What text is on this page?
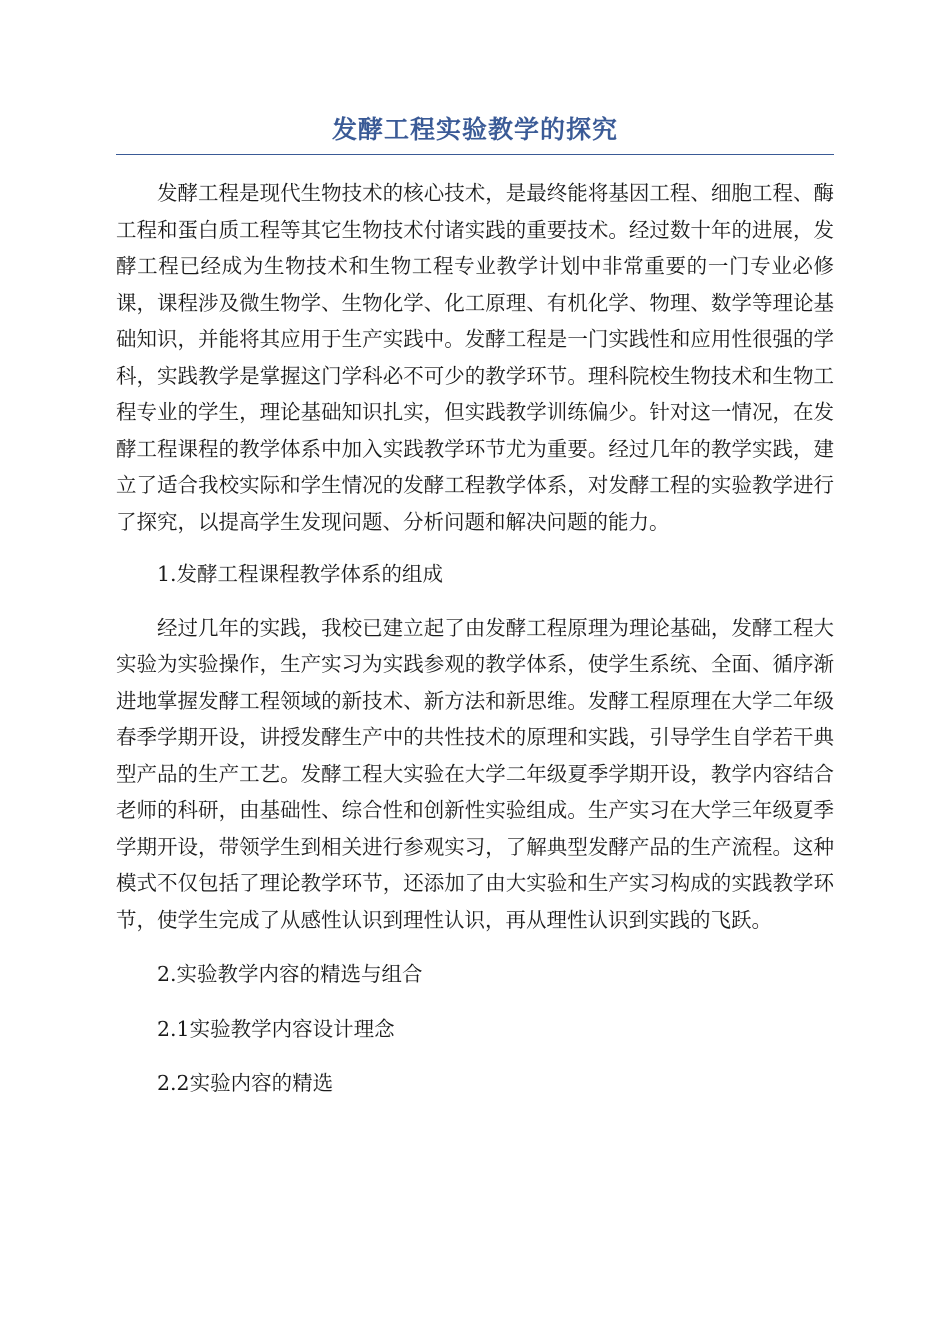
发酵工程实验教学的探究

发酵工程是现代生物技术的核心技术，是最终能将基因工程、细胞工程、酶工程和蛋白质工程等其它生物技术付诸实践的重要技术。经过数十年的进展，发酵工程已经成为生物技术和生物工程专业教学计划中非常重要的一门专业必修课，课程涉及微生物学、生物化学、化工原理、有机化学、物理、数学等理论基础知识，并能将其应用于生产实践中。发酵工程是一门实践性和应用性很强的学科，实践教学是掌握这门学科必不可少的教学环节。理科院校生物技术和生物工程专业的学生，理论基础知识扎实，但实践教学训练偏少。针对这一情况，在发酵工程课程的教学体系中加入实践教学环节尤为重要。经过几年的教学实践，建立了适合我校实际和学生情况的发酵工程教学体系，对发酵工程的实验教学进行了探究，以提高学生发现问题、分析问题和解决问题的能力。

1.发酵工程课程教学体系的组成

经过几年的实践，我校已建立起了由发酵工程原理为理论基础，发酵工程大实验为实验操作，生产实习为实践参观的教学体系，使学生系统、全面、循序渐进地掌握发酵工程领域的新技术、新方法和新思维。发酵工程原理在大学二年级春季学期开设，讲授发酵生产中的共性技术的原理和实践，引导学生自学若干典型产品的生产工艺。发酵工程大实验在大学二年级夏季学期开设，教学内容结合老师的科研，由基础性、综合性和创新性实验组成。生产实习在大学三年级夏季学期开设，带领学生到相关进行参观实习，了解典型发酵产品的生产流程。这种模式不仅包括了理论教学环节，还添加了由大实验和生产实习构成的实践教学环节，使学生完成了从感性认识到理性认识，再从理性认识到实践的飞跃。

2.实验教学内容的精选与组合

2.1实验教学内容设计理念

2.2实验内容的精选
